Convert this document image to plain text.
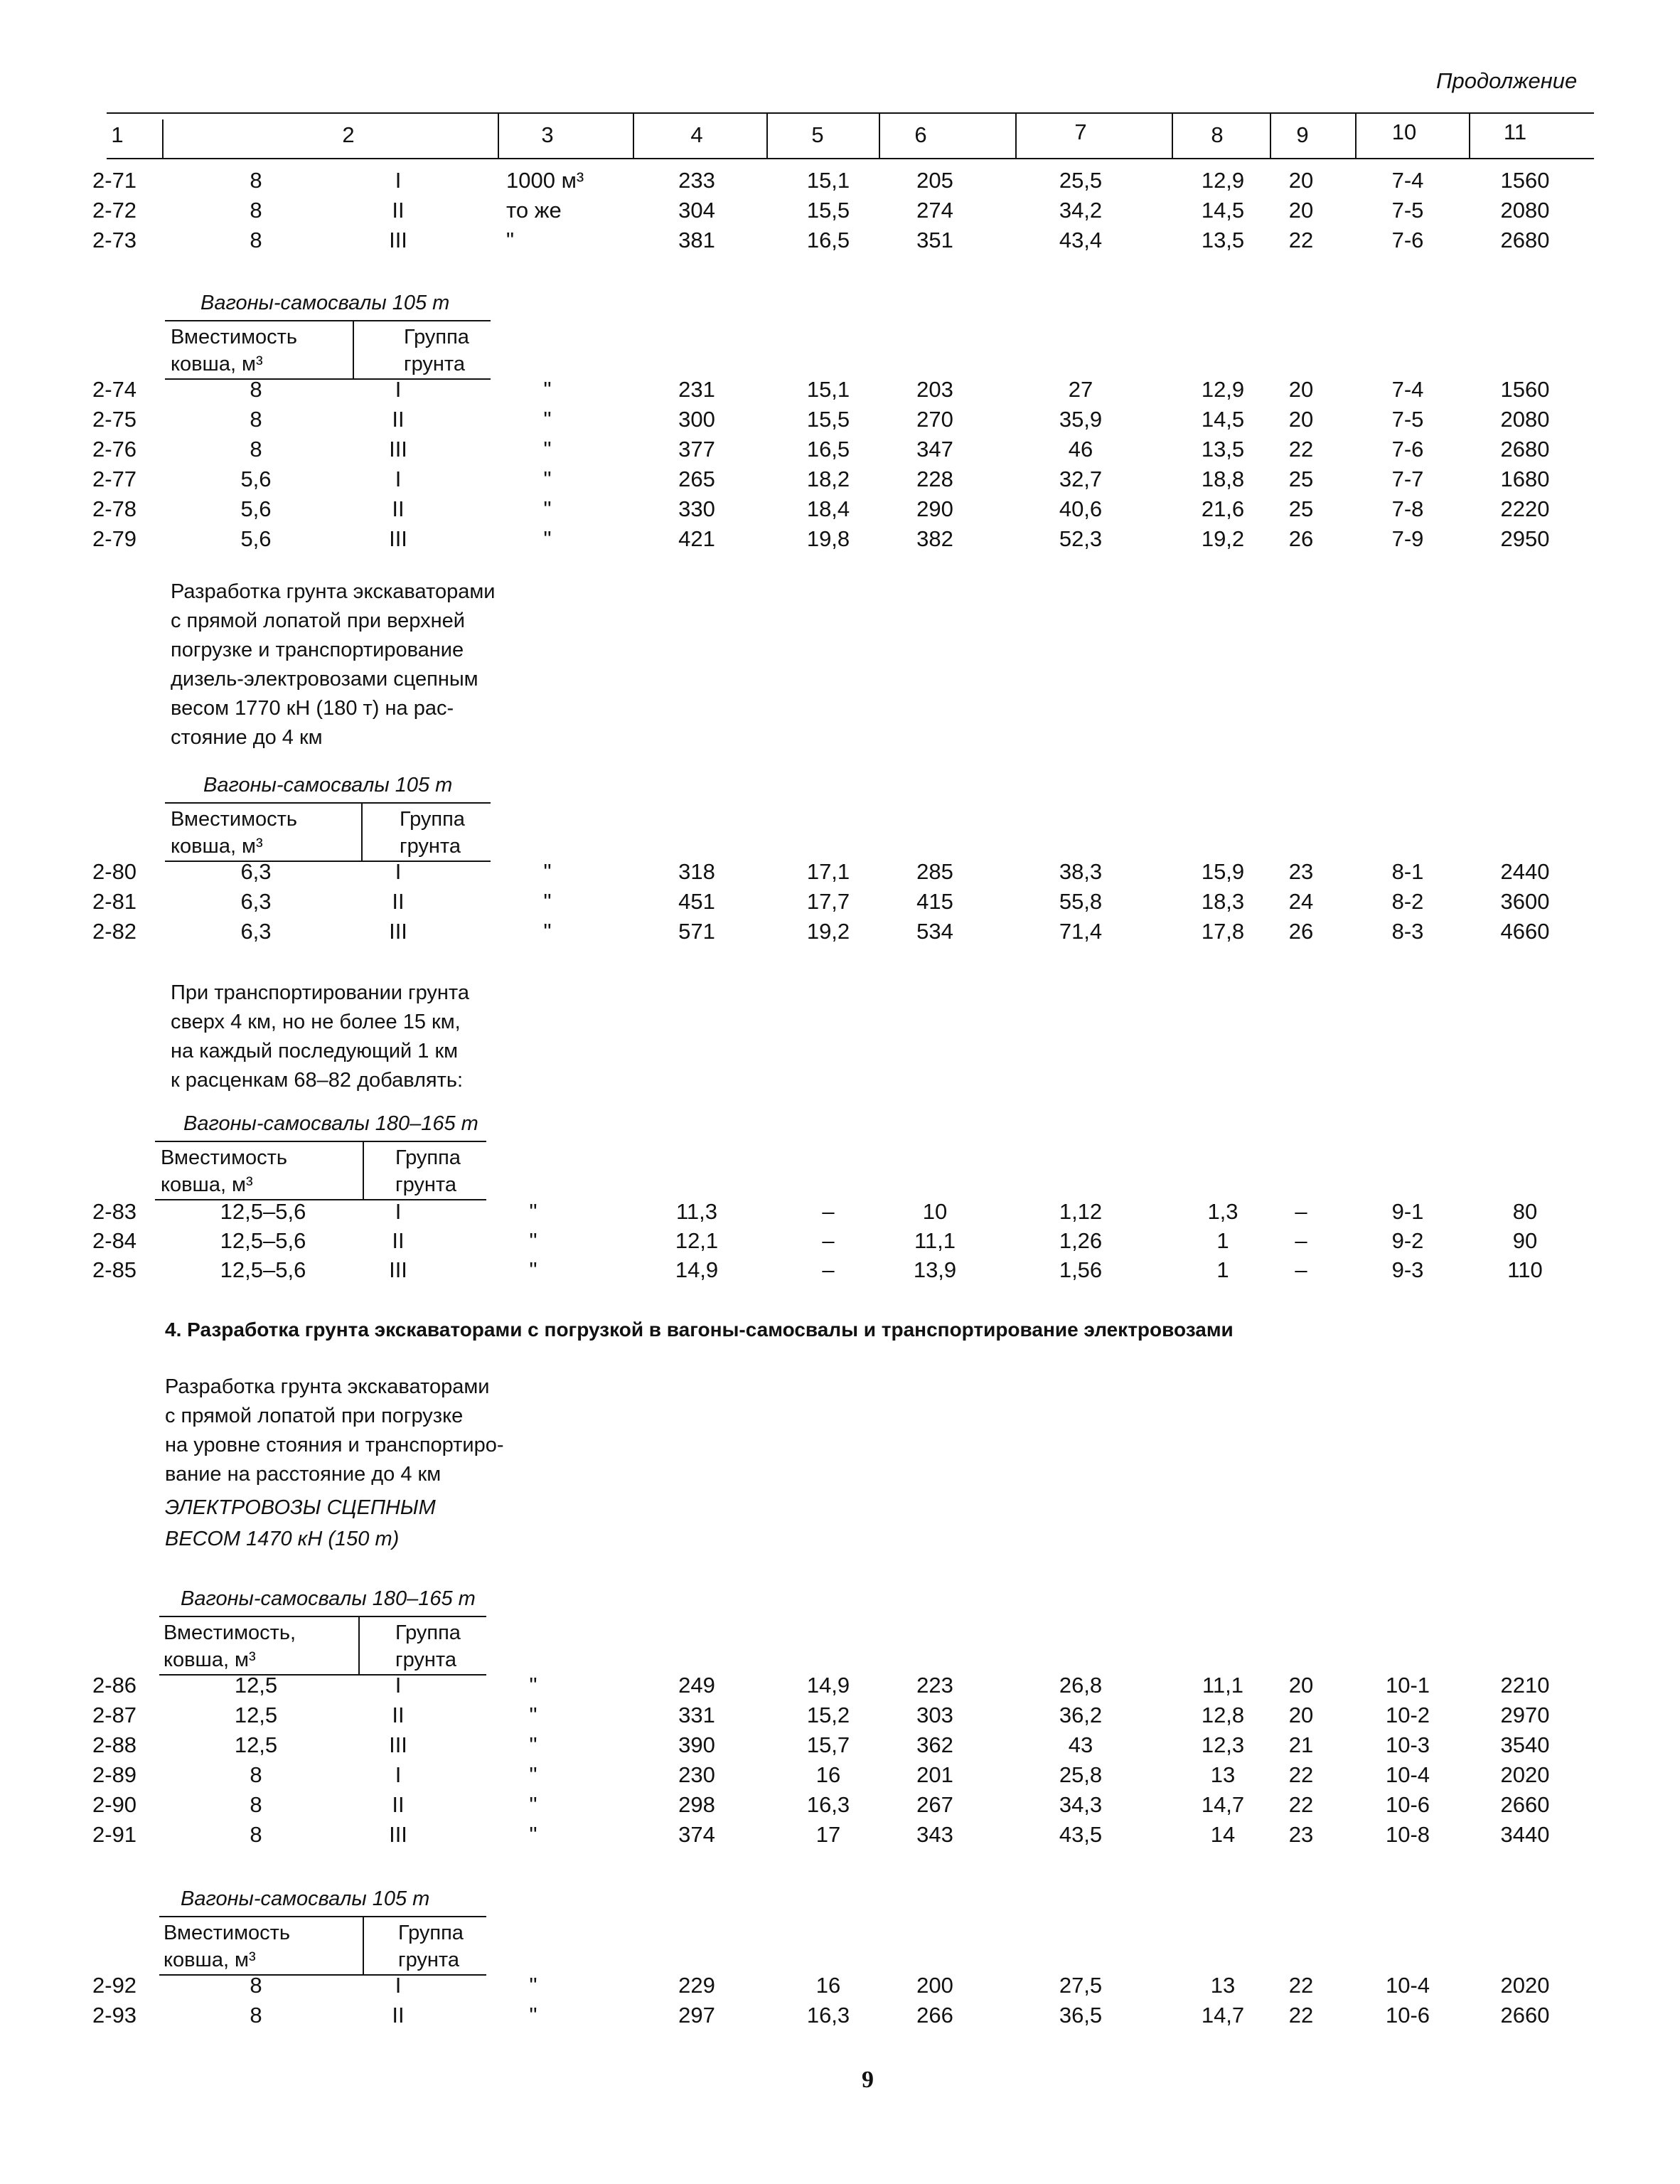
Продолжение
1	2	3	4	5	6	7	8	9	10	11
2-71	8	I	1000 м³	233	15,1	205	25,5	12,9	20	7-4	1560
2-72	8	II	то же	304	15,5	274	34,2	14,5	20	7-5	2080
2-73	8	III	"	381	16,5	351	43,4	13,5	22	7-6	2680
Вагоны-самосвалы 105 т
Вместимость
ковша, м³
Группа
грунта
2-74	8	I	"	231	15,1	203	27	12,9	20	7-4	1560
2-75	8	II	"	300	15,5	270	35,9	14,5	20	7-5	2080
2-76	8	III	"	377	16,5	347	46	13,5	22	7-6	2680
2-77	5,6	I	"	265	18,2	228	32,7	18,8	25	7-7	1680
2-78	5,6	II	"	330	18,4	290	40,6	21,6	25	7-8	2220
2-79	5,6	III	"	421	19,8	382	52,3	19,2	26	7-9	2950
Разработка грунта экскаваторами
с прямой лопатой при верхней
погрузке и транспортирование
дизель-электровозами сцепным
весом 1770 кН (180 т) на рас-
стояние до 4 км
Вагоны-самосвалы 105 т
Вместимость
ковша, м³
Группа
грунта
2-80	6,3	I	"	318	17,1	285	38,3	15,9	23	8-1	2440
2-81	6,3	II	"	451	17,7	415	55,8	18,3	24	8-2	3600
2-82	6,3	III	"	571	19,2	534	71,4	17,8	26	8-3	4660
При транспортировании грунта
сверх 4 км, но не более 15 км,
на каждый последующий 1 км
к расценкам 68–82 добавлять:
Вагоны-самосвалы 180–165 т
Вместимость
ковша, м³
Группа
грунта
2-83	12,5–5,6	I	"	11,3	–	10	1,12	1,3	–	9-1	80
2-84	12,5–5,6	II	"	12,1	–	11,1	1,26	1	–	9-2	90
2-85	12,5–5,6	III	"	14,9	–	13,9	1,56	1	–	9-3	110
4. Разработка грунта экскаваторами с погрузкой в вагоны-самосвалы и транспортирование электровозами
Разработка грунта экскаваторами
с прямой лопатой при погрузке
на уровне стояния и транспортиро-
вание на расстояние до 4 км
ЭЛЕКТРОВОЗЫ СЦЕПНЫМ
ВЕСОМ 1470 кН (150 т)
Вагоны-самосвалы 180–165 т
Вместимость,
ковша, м³
Группа
грунта
2-86	12,5	I	"	249	14,9	223	26,8	11,1	20	10-1	2210
2-87	12,5	II	"	331	15,2	303	36,2	12,8	20	10-2	2970
2-88	12,5	III	"	390	15,7	362	43	12,3	21	10-3	3540
2-89	8	I	"	230	16	201	25,8	13	22	10-4	2020
2-90	8	II	"	298	16,3	267	34,3	14,7	22	10-6	2660
2-91	8	III	"	374	17	343	43,5	14	23	10-8	3440
Вагоны-самосвалы 105 т
Вместимость
ковша, м³
Группа
грунта
2-92	8	I	"	229	16	200	27,5	13	22	10-4	2020
2-93	8	II	"	297	16,3	266	36,5	14,7	22	10-6	2660
9
